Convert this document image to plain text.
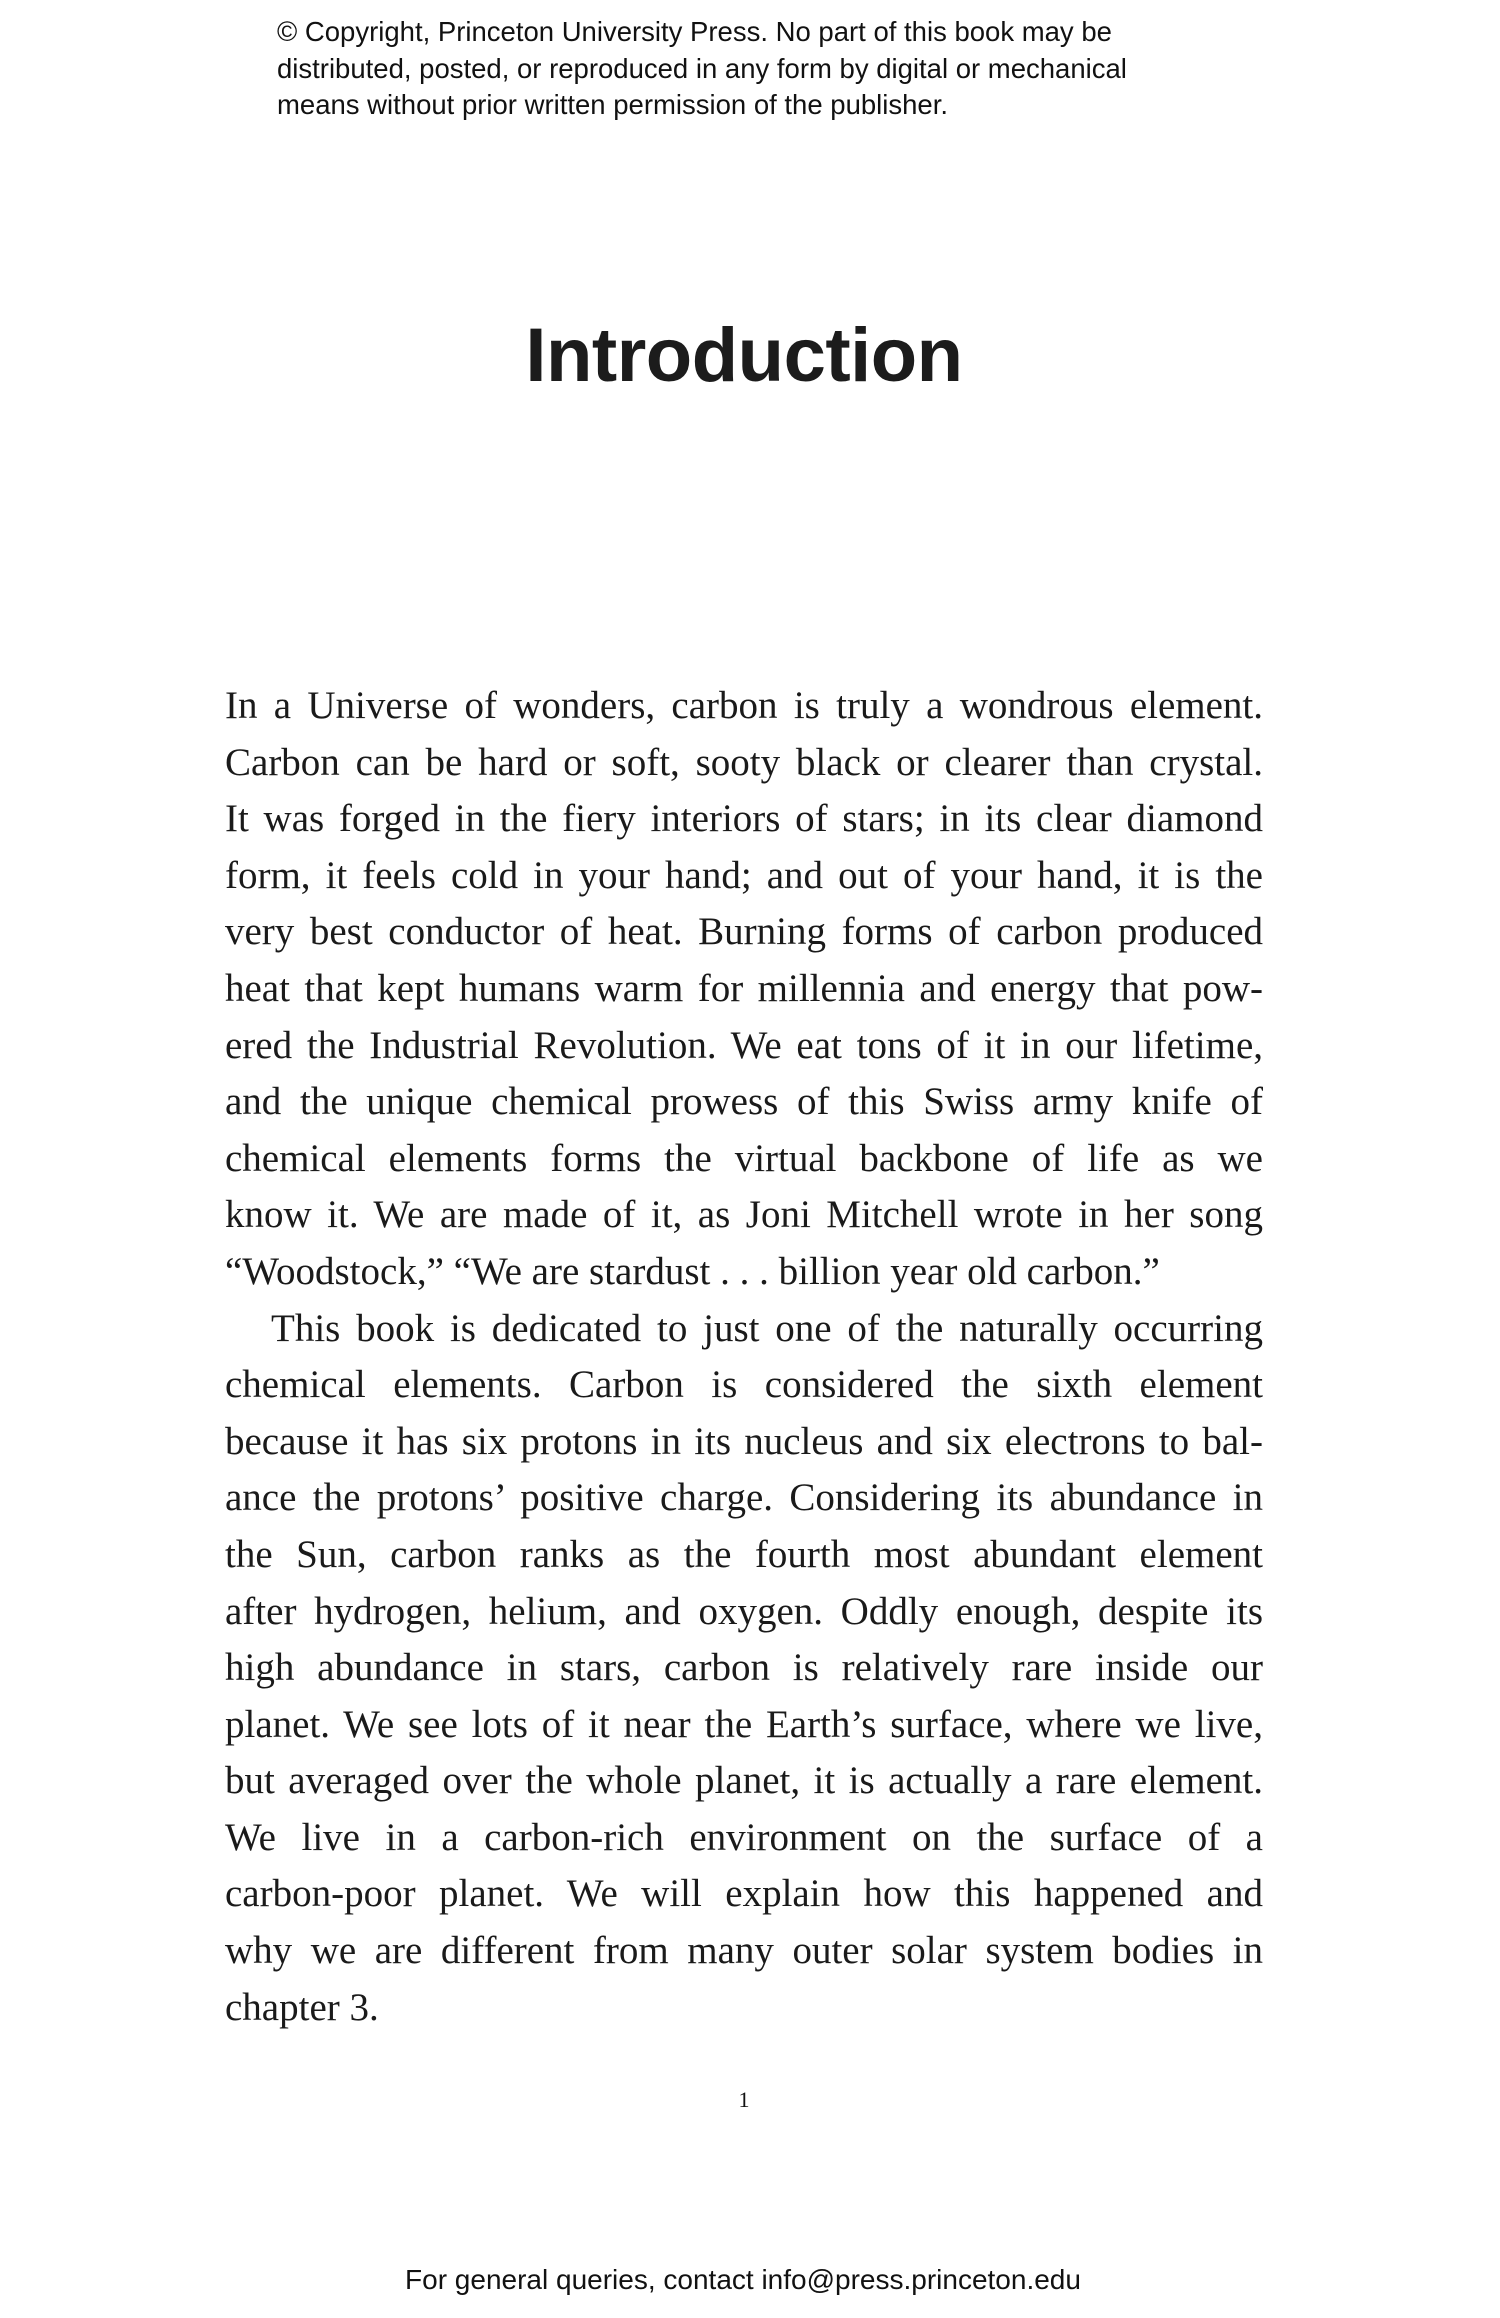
© Copyright, Princeton University Press. No part of this book may be
distributed, posted, or reproduced in any form by digital or mechanical
means without prior written permission of the publisher.
Introduction
In a Universe of wonders, carbon is truly a wondrous element.
Carbon can be hard or soft, sooty black or clearer than crystal.
It was forged in the fiery interiors of stars; in its clear diamond
form, it feels cold in your hand; and out of your hand, it is the
very best conductor of heat. Burning forms of carbon produced
heat that kept humans warm for millennia and energy that pow-
ered the Industrial Revolution. We eat tons of it in our lifetime,
and the unique chemical prowess of this Swiss army knife of
chemical elements forms the virtual backbone of life as we
know it. We are made of it, as Joni Mitchell wrote in her song
“Woodstock,” “We are stardust . . . billion year old carbon.”
This book is dedicated to just one of the naturally occurring
chemical elements. Carbon is considered the sixth element
because it has six protons in its nucleus and six electrons to bal-
ance the protons’ positive charge. Considering its abundance in
the Sun, carbon ranks as the fourth most abundant element
after hydrogen, helium, and oxygen. Oddly enough, despite its
high abundance in stars, carbon is relatively rare inside our
planet. We see lots of it near the Earth’s surface, where we live,
but averaged over the whole planet, it is actually a rare element.
We live in a carbon-rich environment on the surface of a
carbon-poor planet. We will explain how this happened and
why we are different from many outer solar system bodies in
chapter 3.
1
For general queries, contact info@press.princeton.edu
